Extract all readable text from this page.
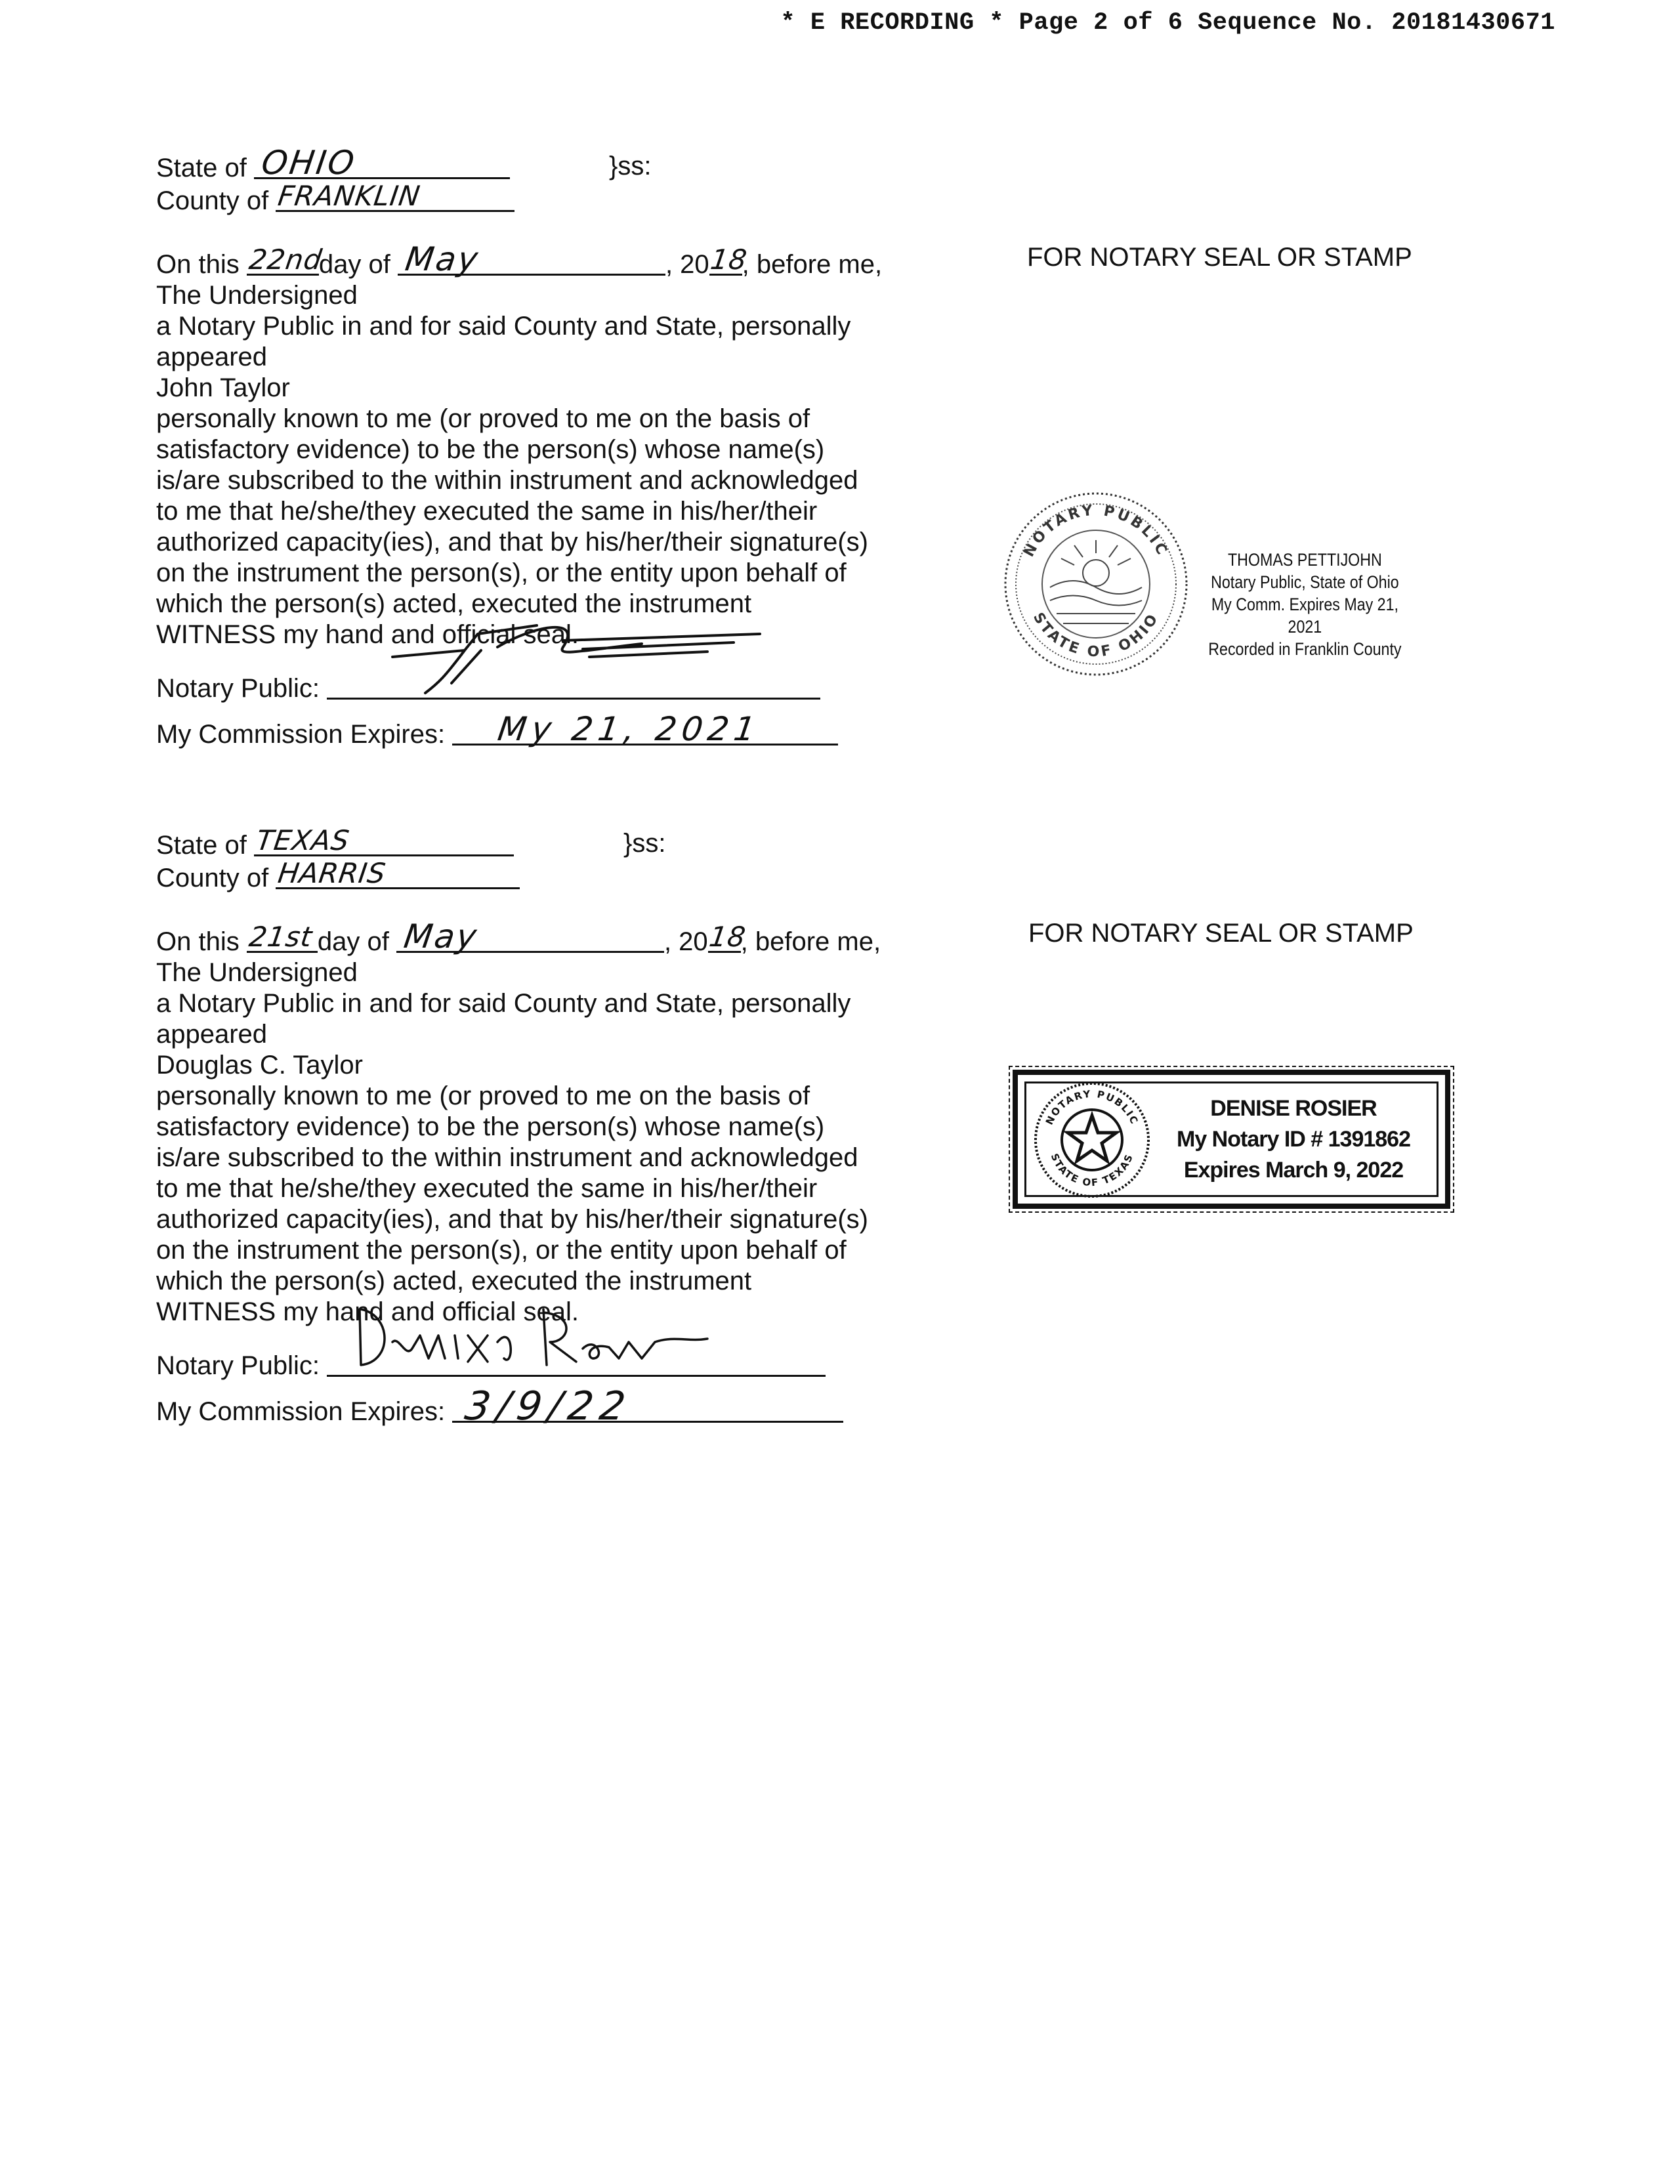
* E RECORDING * Page 2 of 6 Sequence No. 20181430671
State of OHIO	}ss:
County of FRANKLIN
On this 22nd
day of May	, 20
18
, before me,
The Undersigned
a Notary Public in and for said County and State, personally
appeared
John Taylor
personally known to me (or proved to me on the basis of
satisfactory evidence) to be the person(s) whose name(s)
is/are subscribed to the within instrument and acknowledged
to me that he/she/they executed the same in his/her/their
authorized capacity(ies), and that by his/her/their signature(s)
on the instrument the person(s), or the entity upon behalf of
which the person(s) acted, executed the instrument
WITNESS my hand and official seal.
Notary Public:
My Commission Expires: My 21, 2021
FOR NOTARY SEAL OR STAMP
NOTARY PUBLIC
STATE OF OHIO
THOMAS PETTIJOHN
Notary Public, State of Ohio
My Comm. Expires May 21, 2021
Recorded in Franklin County
State of TEXAS	}ss:
County of HARRIS
On this 21st day of May	, 20
18
, before me,
The Undersigned
a Notary Public in and for said County and State, personally
appeared
Douglas C. Taylor
personally known to me (or proved to me on the basis of
satisfactory evidence) to be the person(s) whose name(s)
is/are subscribed to the within instrument and acknowledged
to me that he/she/they executed the same in his/her/their
authorized capacity(ies), and that by his/her/their signature(s)
on the instrument the person(s), or the entity upon behalf of
which the person(s) acted, executed the instrument
WITNESS my hand and official seal.
Notary Public:
My Commission Expires: 3/9/22
FOR NOTARY SEAL OR STAMP
NOTARY PUBLIC
STATE OF TEXAS
DENISE ROSIER
My Notary ID # 1391862
Expires March 9, 2022
